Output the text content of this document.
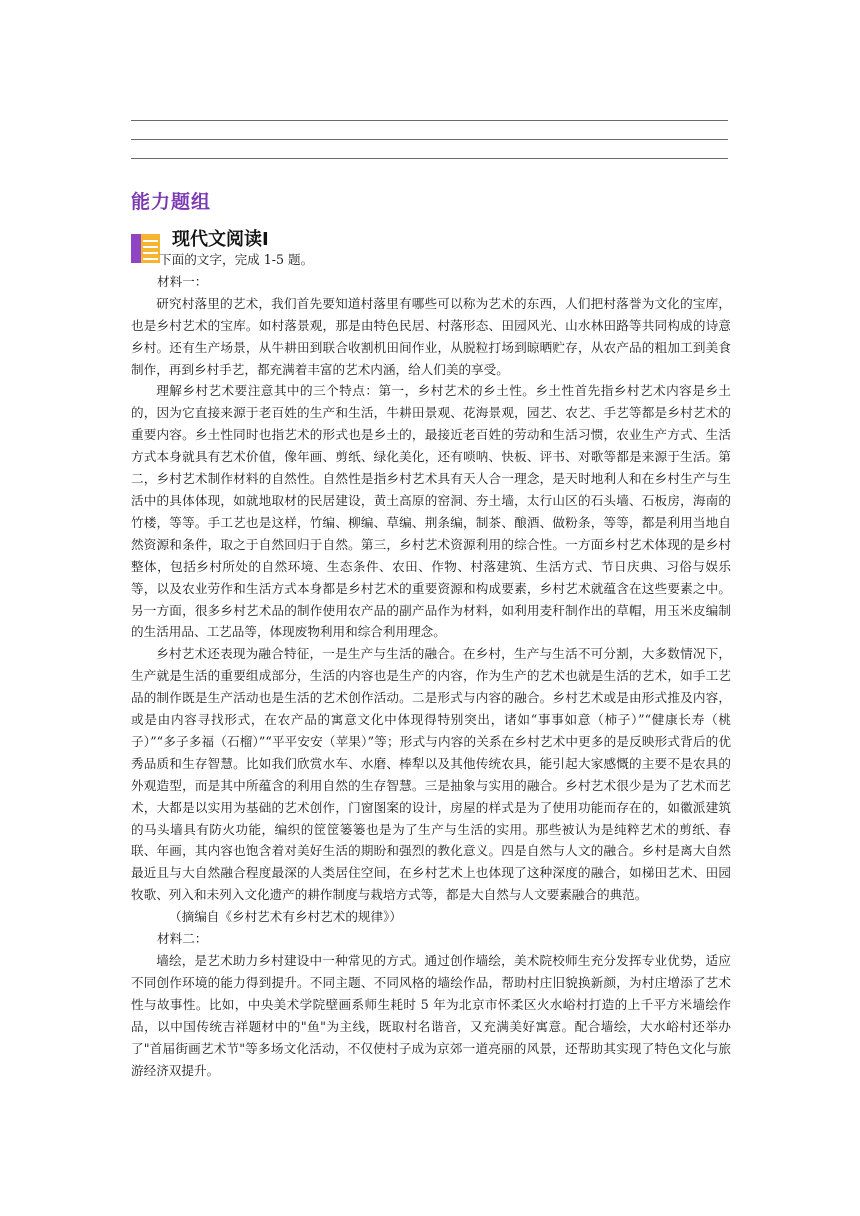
能力题组
现代文阅读Ⅰ

下面的文字，完成 1-5 题。

材料一：

研究村落里的艺术，我们首先要知道村落里有哪些可以称为艺术的东西，人们把村落誉为文化的宝库，也是乡村艺术的宝库。如村落景观，那是由特色民居、村落形态、田园风光、山水林田路等共同构成的诗意乡村。还有生产场景，从牛耕田到联合收割机田间作业，从脱粒打场到晾晒贮存，从农产品的粗加工到美食制作，再到乡村手艺，都充满着丰富的艺术内涵，给人们美的享受。

理解乡村艺术要注意其中的三个特点：第一，乡村艺术的乡土性。乡土性首先指乡村艺术内容是乡土的，因为它直接来源于老百姓的生产和生活，牛耕田景观、花海景观，园艺、农艺、手艺等都是乡村艺术的重要内容。乡土性同时也指艺术的形式也是乡土的，最接近老百姓的劳动和生活习惯，农业生产方式、生活方式本身就具有艺术价值，像年画、剪纸、绿化美化，还有唢呐、快板、评书、对歌等都是来源于生活。第二，乡村艺术制作材料的自然性。自然性是指乡村艺术具有天人合一理念，是天时地利人和在乡村生产与生活中的具体体现，如就地取材的民居建设，黄土高原的窑洞、夯土墙，太行山区的石头墙、石板房，海南的竹楼，等等。手工艺也是这样，竹编、柳编、草编、荆条编，制茶、酿酒、做粉条，等等，都是利用当地自然资源和条件，取之于自然回归于自然。第三，乡村艺术资源利用的综合性。一方面乡村艺术体现的是乡村整体，包括乡村所处的自然环境、生态条件、农田、作物、村落建筑、生活方式、节日庆典、习俗与娱乐等，以及农业劳作和生活方式本身都是乡村艺术的重要资源和构成要素，乡村艺术就蕴含在这些要素之中。另一方面，很多乡村艺术品的制作使用农产品的副产品作为材料，如利用麦秆制作出的草帽，用玉米皮编制的生活用品、工艺品等，体现废物利用和综合利用理念。

乡村艺术还表现为融合特征，一是生产与生活的融合。在乡村，生产与生活不可分割，大多数情况下，生产就是生活的重要组成部分，生活的内容也是生产的内容，作为生产的艺术也就是生活的艺术，如手工艺品的制作既是生产活动也是生活的艺术创作活动。二是形式与内容的融合。乡村艺术或是由形式推及内容，或是由内容寻找形式，在农产品的寓意文化中体现得特别突出，诸如“事事如意（柿子）”“健康长寿（桃子）”“多子多福（石榴）”“平平安安（苹果）”等；形式与内容的关系在乡村艺术中更多的是反映形式背后的优秀品质和生存智慧。比如我们欣赏水车、水磨、棒犁以及其他传统农具，能引起大家感慨的主要不是农具的外观造型，而是其中所蕴含的利用自然的生存智慧。三是抽象与实用的融合。乡村艺术很少是为了艺术而艺术，大都是以实用为基础的艺术创作，门窗图案的设计，房屋的样式是为了使用功能而存在的，如徽派建筑的马头墙具有防火功能，编织的筐筐篓篓也是为了生产与生活的实用。那些被认为是纯粹艺术的剪纸、春联、年画，其内容也饱含着对美好生活的期盼和强烈的教化意义。四是自然与人文的融合。乡村是离大自然最近且与大自然融合程度最深的人类居住空间，在乡村艺术上也体现了这种深度的融合，如梯田艺术、田园牧歌、列入和未列入文化遗产的耕作制度与栽培方式等，都是大自然与人文要素融合的典范。

（摘编自《乡村艺术有乡村艺术的规律》）

材料二：

墙绘，是艺术助力乡村建设中一种常见的方式。通过创作墙绘，美术院校师生充分发挥专业优势，适应不同创作环境的能力得到提升。不同主题、不同风格的墙绘作品，帮助村庄旧貌换新颜，为村庄增添了艺术性与故事性。比如，中央美术学院壁画系师生耗时 5 年为北京市怀柔区火水峪村打造的上千平方米墙绘作品，以中国传统吉祥题材中的"鱼"为主线，既取村名谐音，又充满美好寓意。配合墙绘，大水峪村还举办了"首届街画艺术节"等多场文化活动，不仅使村子成为京郊一道亮丽的风景，还帮助其实现了特色文化与旅游经济双提升。
